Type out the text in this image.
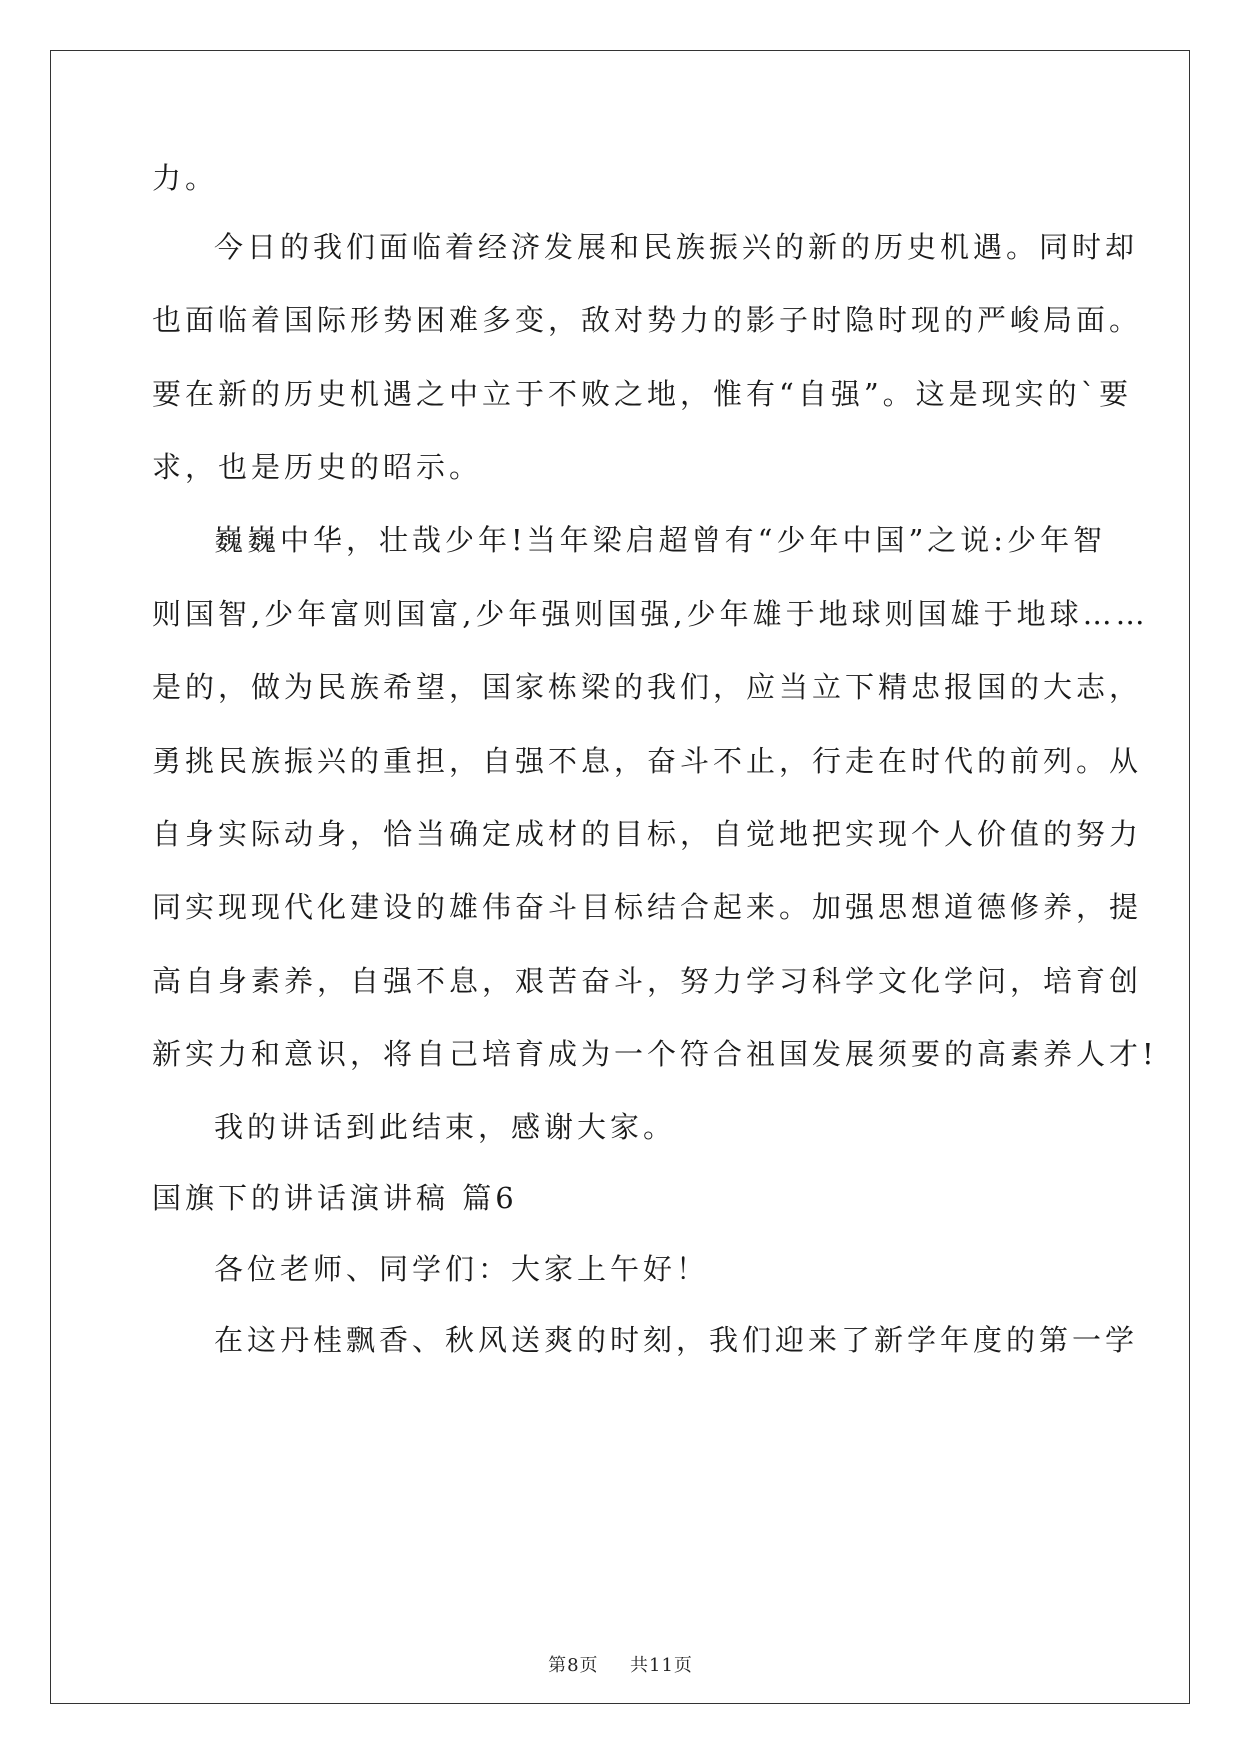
力。
今日的我们面临着经济发展和民族振兴的新的历史机遇。同时却
也面临着国际形势困难多变，敌对势力的影子时隐时现的严峻局面。
要在新的历史机遇之中立于不败之地，惟有“自强”。这是现实的`要
求，也是历史的昭示。
巍巍中华，壮哉少年!当年梁启超曾有“少年中国”之说:少年智
则国智,少年富则国富,少年强则国强,少年雄于地球则国雄于地球……
是的，做为民族希望，国家栋梁的我们，应当立下精忠报国的大志，
勇挑民族振兴的重担，自强不息，奋斗不止，行走在时代的前列。从
自身实际动身，恰当确定成材的目标，自觉地把实现个人价值的努力
同实现现代化建设的雄伟奋斗目标结合起来。加强思想道德修养，提
高自身素养，自强不息，艰苦奋斗，努力学习科学文化学问，培育创
新实力和意识，将自己培育成为一个符合祖国发展须要的高素养人才!
我的讲话到此结束，感谢大家。
国旗下的讲话演讲稿 篇6
各位老师、同学们：大家上午好！
在这丹桂飘香、秋风送爽的时刻，我们迎来了新学年度的第一学
第8页 共11页
